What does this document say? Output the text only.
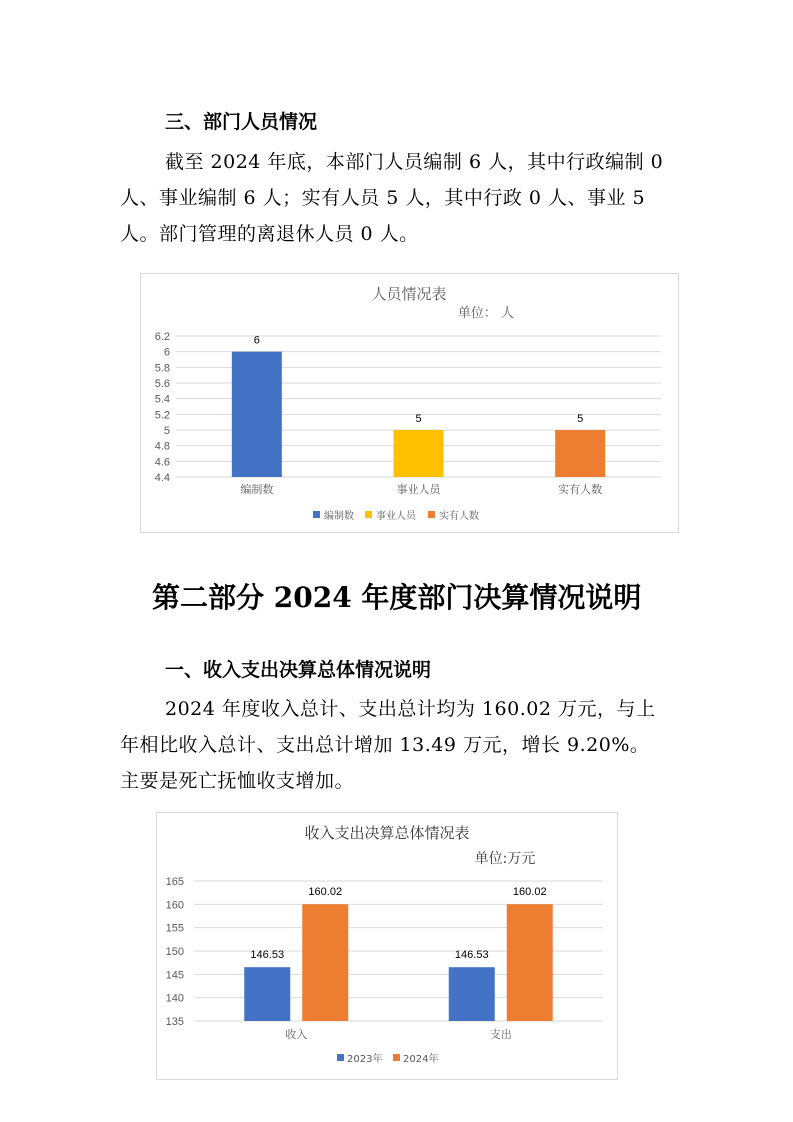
三、部门人员情况
截至 2024 年底，本部门人员编制 6 人，其中行政编制 0
人、事业编制 6 人；实有人员 5 人，其中行政 0 人、事业 5
人。部门管理的离退休人员 0 人。
人员情况表
单位： 人
6.2
6
5.8
5.6
5.4
5.2
5
4.8
4.6
4.4
6
编制数
5
事业人员
5
实有人数
编制数 事业人员 实有人数
第二部分 2024 年度部门决算情况说明
一、收入支出决算总体情况说明
2024 年度收入总计、支出总计均为 160.02 万元，与上
年相比收入总计、支出总计增加 13.49 万元，增长 9.20%。
主要是死亡抚恤收支增加。
收入支出决算总体情况表
单位:万元
165
160
155
150
145
140
135
146.53
160.02
收入
146.53
160.02
支出
2023年 2024年
